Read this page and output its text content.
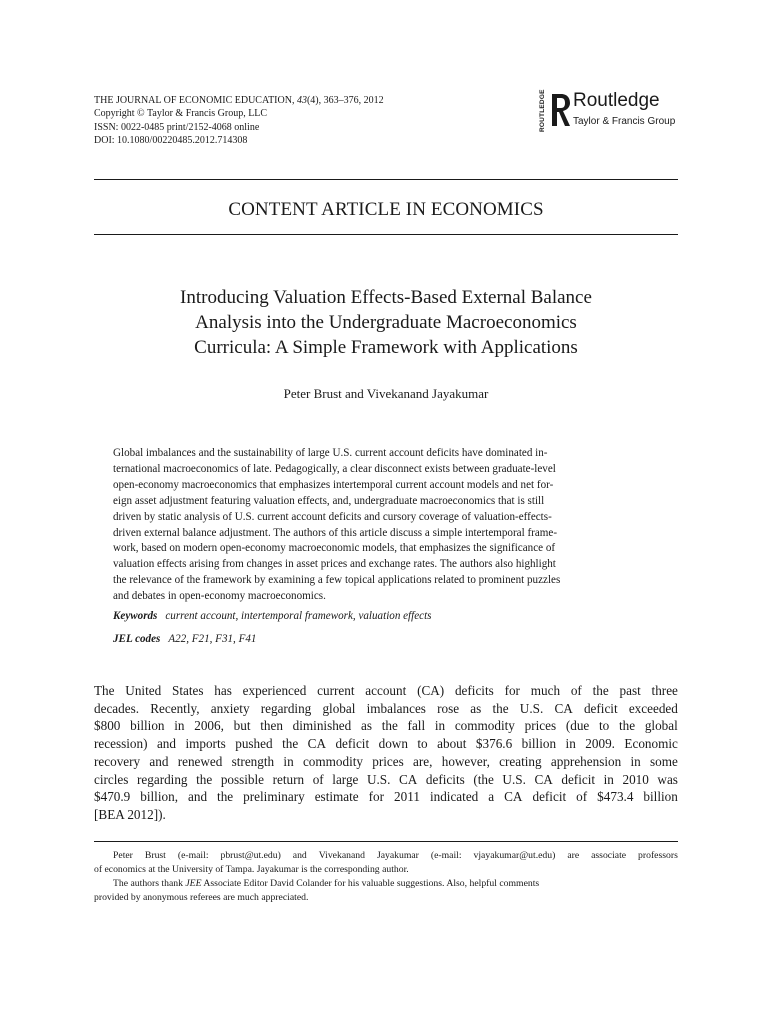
THE JOURNAL OF ECONOMIC EDUCATION, 43(4), 363–376, 2012
Copyright © Taylor & Francis Group, LLC
ISSN: 0022-0485 print/2152-4068 online
DOI: 10.1080/00220485.2012.714308
ROUTLEDGE Routledge
Taylor & Francis Group
CONTENT ARTICLE IN ECONOMICS
Introducing Valuation Effects-Based External Balance
Analysis into the Undergraduate Macroeconomics
Curricula: A Simple Framework with Applications
Peter Brust and Vivekanand Jayakumar
Global imbalances and the sustainability of large U.S. current account deficits have dominated in-
ternational macroeconomics of late. Pedagogically, a clear disconnect exists between graduate-level
open-economy macroeconomics that emphasizes intertemporal current account models and net for-
eign asset adjustment featuring valuation effects, and, undergraduate macroeconomics that is still
driven by static analysis of U.S. current account deficits and cursory coverage of valuation-effects-
driven external balance adjustment. The authors of this article discuss a simple intertemporal frame-
work, based on modern open-economy macroeconomic models, that emphasizes the significance of
valuation effects arising from changes in asset prices and exchange rates. The authors also highlight
the relevance of the framework by examining a few topical applications related to prominent puzzles
and debates in open-economy macroeconomics.
Keywords current account, intertemporal framework, valuation effects
JEL codes A22, F21, F31, F41
The United States has experienced current account (CA) deficits for much of the past three
decades. Recently, anxiety regarding global imbalances rose as the U.S. CA deficit exceeded
$800 billion in 2006, but then diminished as the fall in commodity prices (due to the global
recession) and imports pushed the CA deficit down to about $376.6 billion in 2009. Economic
recovery and renewed strength in commodity prices are, however, creating apprehension in some
circles regarding the possible return of large U.S. CA deficits (the U.S. CA deficit in 2010 was
$470.9 billion, and the preliminary estimate for 2011 indicated a CA deficit of $473.4 billion
[BEA 2012]).
Peter Brust (e-mail: pbrust@ut.edu) and Vivekanand Jayakumar (e-mail: vjayakumar@ut.edu) are associate professors
of economics at the University of Tampa. Jayakumar is the corresponding author.
The authors thank JEE Associate Editor David Colander for his valuable suggestions. Also, helpful comments
provided by anonymous referees are much appreciated.
